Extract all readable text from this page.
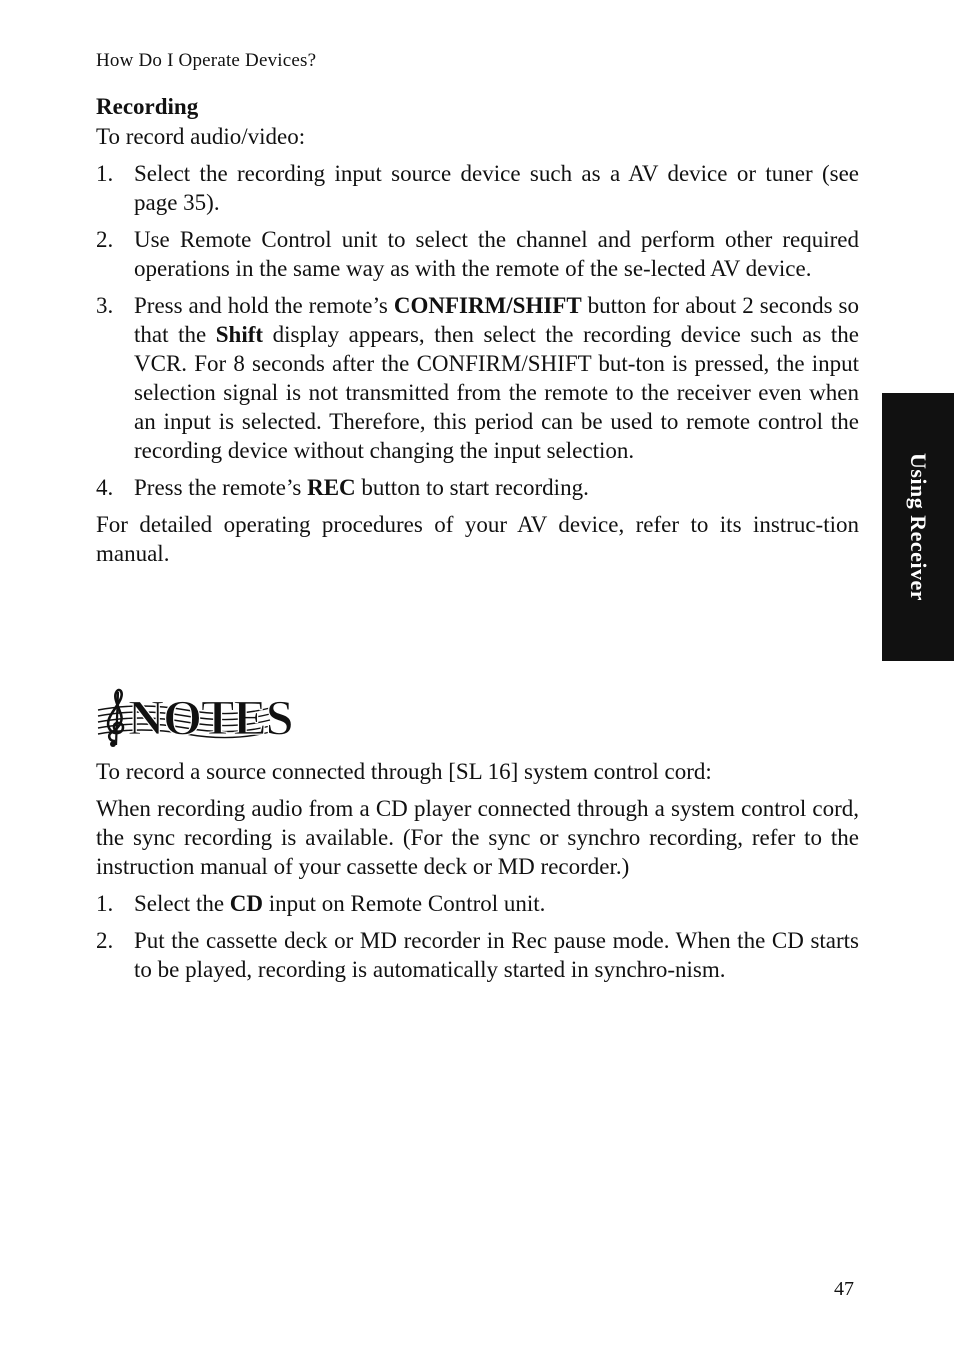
How Do I Operate Devices?

Recording

To record audio/video:

1. Select the recording input source device such as a AV device or tuner (see page 35).
2. Use Remote Control unit to select the channel and perform other required operations in the same way as with the remote of the se-lected AV device.
3. Press and hold the remote’s CONFIRM/SHIFT button for about 2 seconds so that the Shift display appears, then select the recording device such as the VCR. For 8 seconds after the CONFIRM/SHIFT but-ton is pressed, the input selection signal is not transmitted from the remote to the receiver even when an input is selected. Therefore, this period can be used to remote control the recording device without changing the input selection.
4. Press the remote’s REC button to start recording.

For detailed operating procedures of your AV device, refer to its instruc-tion manual.	Using Receiver
NOTES

To record a source connected through [SL 16] system control cord:

When recording audio from a CD player connected through a system control cord, the sync recording is available. (For the sync or synchro recording, refer to the instruction manual of your cassette deck or MD recorder.)

1. Select the CD input on Remote Control unit.
2. Put the cassette deck or MD recorder in Rec pause mode. When the CD starts to be played, recording is automatically started in synchro-nism.
47
